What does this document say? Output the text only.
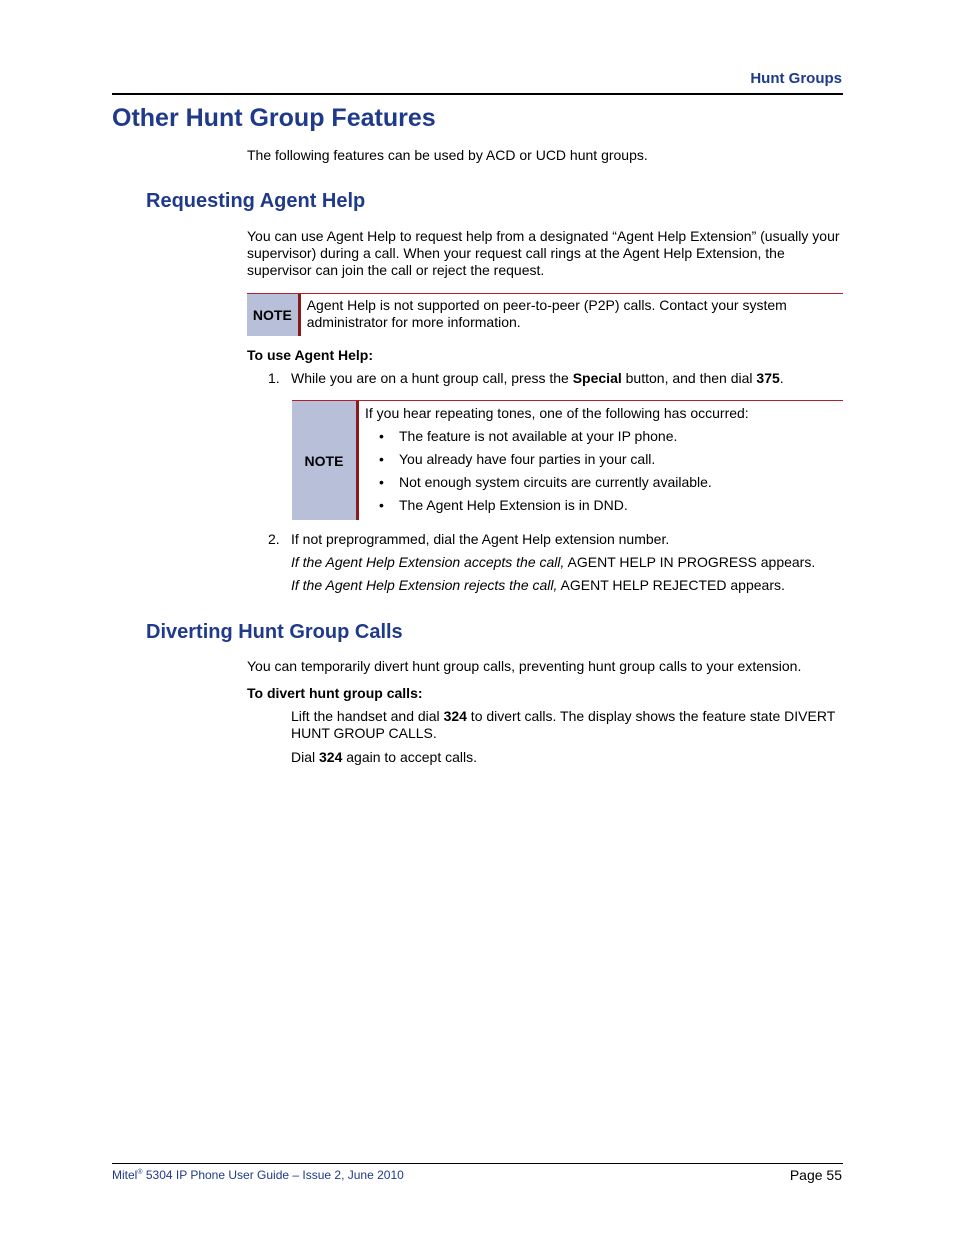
Hunt Groups
Other Hunt Group Features
The following features can be used by ACD or UCD hunt groups.
Requesting Agent Help
You can use Agent Help to request help from a designated “Agent Help Extension” (usually your supervisor) during a call. When your request call rings at the Agent Help Extension, the supervisor can join the call or reject the request.
NOTE
Agent Help is not supported on peer-to-peer (P2P) calls. Contact your system administrator for more information.
To use Agent Help:
1. While you are on a hunt group call, press the Special button, and then dial 375.
NOTE
If you hear repeating tones, one of the following has occurred:
• The feature is not available at your IP phone.
• You already have four parties in your call.
• Not enough system circuits are currently available.
• The Agent Help Extension is in DND.
2. If not preprogrammed, dial the Agent Help extension number.
If the Agent Help Extension accepts the call, AGENT HELP IN PROGRESS appears.
If the Agent Help Extension rejects the call, AGENT HELP REJECTED appears.
Diverting Hunt Group Calls
You can temporarily divert hunt group calls, preventing hunt group calls to your extension.
To divert hunt group calls:
Lift the handset and dial 324 to divert calls. The display shows the feature state DIVERT HUNT GROUP CALLS.
Dial 324 again to accept calls.
Mitel® 5304 IP Phone User Guide – Issue 2, June 2010	Page 55
